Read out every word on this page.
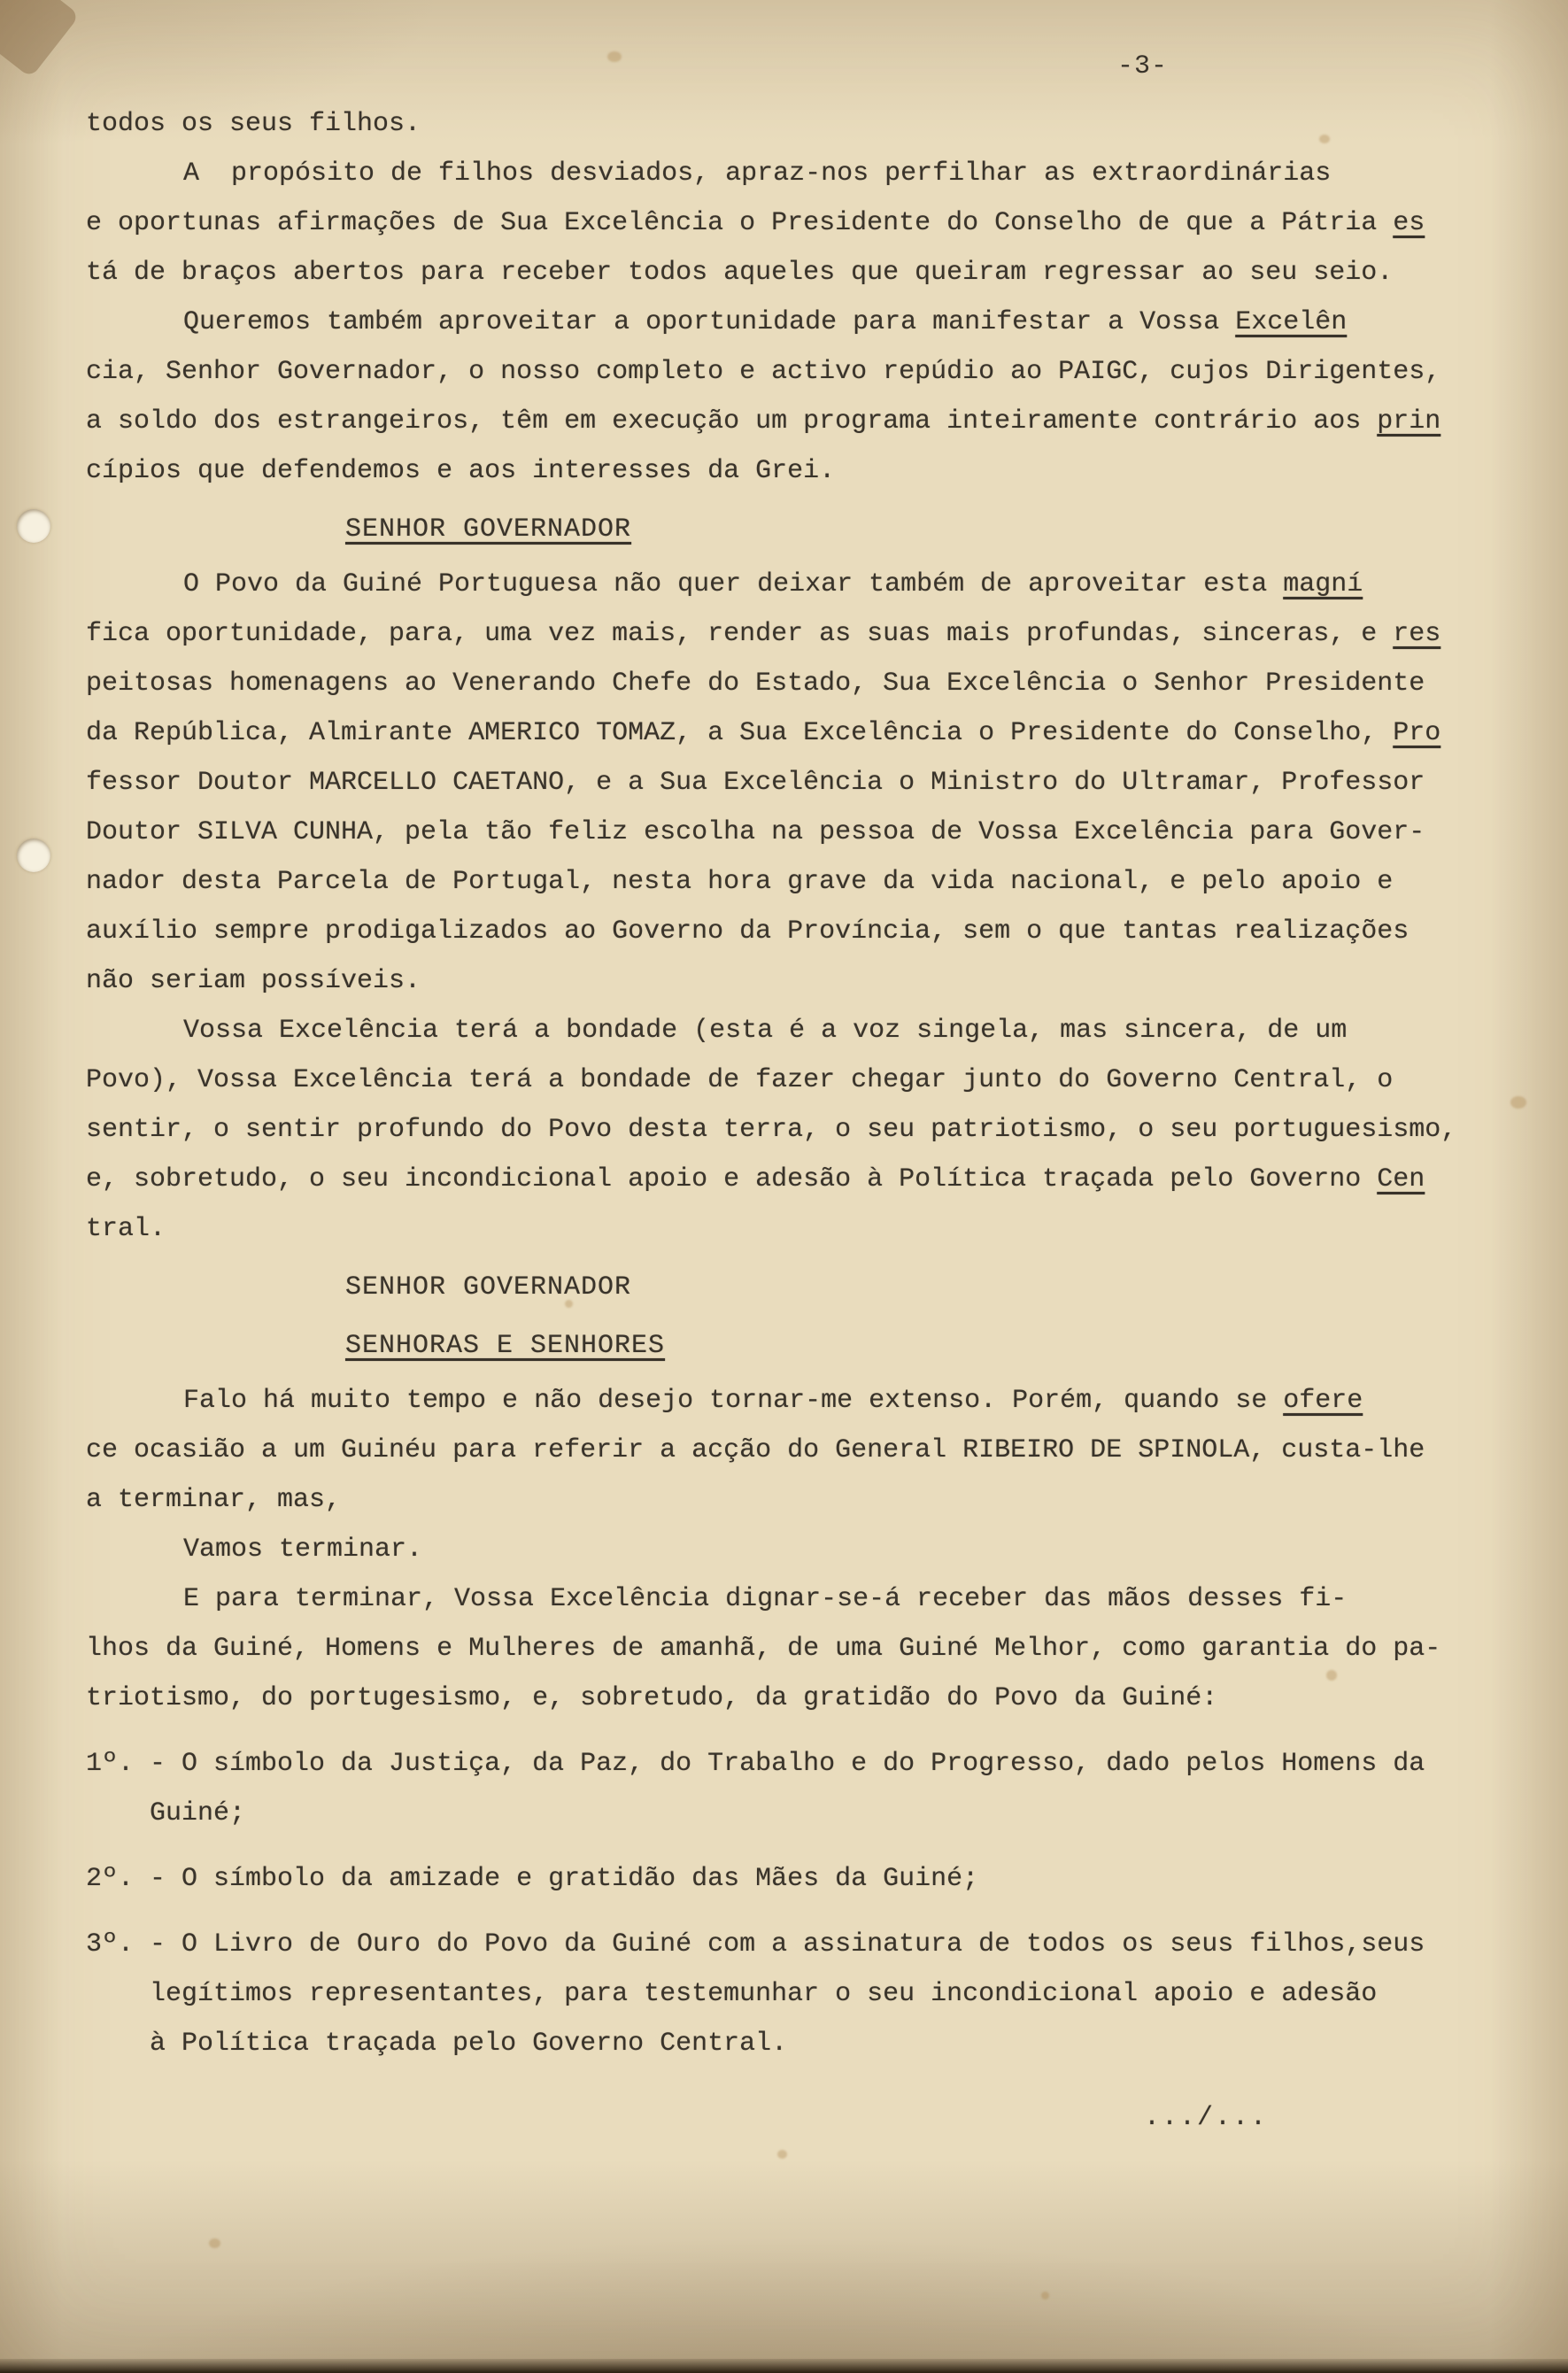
-3-
todos os seus filhos.
A  propósito de filhos desviados, apraz-nos perfilhar as extraordinárias
e oportunas afirmações de Sua Excelência o Presidente do Conselho de que a Pátria es
tá de braços abertos para receber todos aqueles que queiram regressar ao seu seio.
Queremos também aproveitar a oportunidade para manifestar a Vossa Excelên
cia, Senhor Governador, o nosso completo e activo repúdio ao PAIGC, cujos Dirigentes,
a soldo dos estrangeiros, têm em execução um programa inteiramente contrário aos prin
cípios que defendemos e aos interesses da Grei.
SENHOR GOVERNADOR
O Povo da Guiné Portuguesa não quer deixar também de aproveitar esta magní
fica oportunidade, para, uma vez mais, render as suas mais profundas, sinceras, e res
peitosas homenagens ao Venerando Chefe do Estado, Sua Excelência o Senhor Presidente
da República, Almirante AMERICO TOMAZ, a Sua Excelência o Presidente do Conselho, Pro
fessor Doutor MARCELLO CAETANO, e a Sua Excelência o Ministro do Ultramar, Professor
Doutor SILVA CUNHA, pela tão feliz escolha na pessoa de Vossa Excelência para Gover-
nador desta Parcela de Portugal, nesta hora grave da vida nacional, e pelo apoio e
auxílio sempre prodigalizados ao Governo da Província, sem o que tantas realizações
não seriam possíveis.
Vossa Excelência terá a bondade (esta é a voz singela, mas sincera, de um
Povo), Vossa Excelência terá a bondade de fazer chegar junto do Governo Central, o
sentir, o sentir profundo do Povo desta terra, o seu patriotismo, o seu portuguesismo,
e, sobretudo, o seu incondicional apoio e adesão à Política traçada pelo Governo Cen
tral.
SENHOR GOVERNADOR
SENHORAS E SENHORES
Falo há muito tempo e não desejo tornar-me extenso. Porém, quando se ofere
ce ocasião a um Guinéu para referir a acção do General RIBEIRO DE SPINOLA, custa-lhe
a terminar, mas,
Vamos terminar.
E para terminar, Vossa Excelência dignar-se-á receber das mãos desses fi-
lhos da Guiné, Homens e Mulheres de amanhã, de uma Guiné Melhor, como garantia do pa-
triotismo, do portugesismo, e, sobretudo, da gratidão do Povo da Guiné:
1º. - O símbolo da Justiça, da Paz, do Trabalho e do Progresso, dado pelos Homens da
Guiné;
2º. - O símbolo da amizade e gratidão das Mães da Guiné;
3º. - O Livro de Ouro do Povo da Guiné com a assinatura de todos os seus filhos,seus
legítimos representantes, para testemunhar o seu incondicional apoio e adesão
à Política traçada pelo Governo Central.
.../...
